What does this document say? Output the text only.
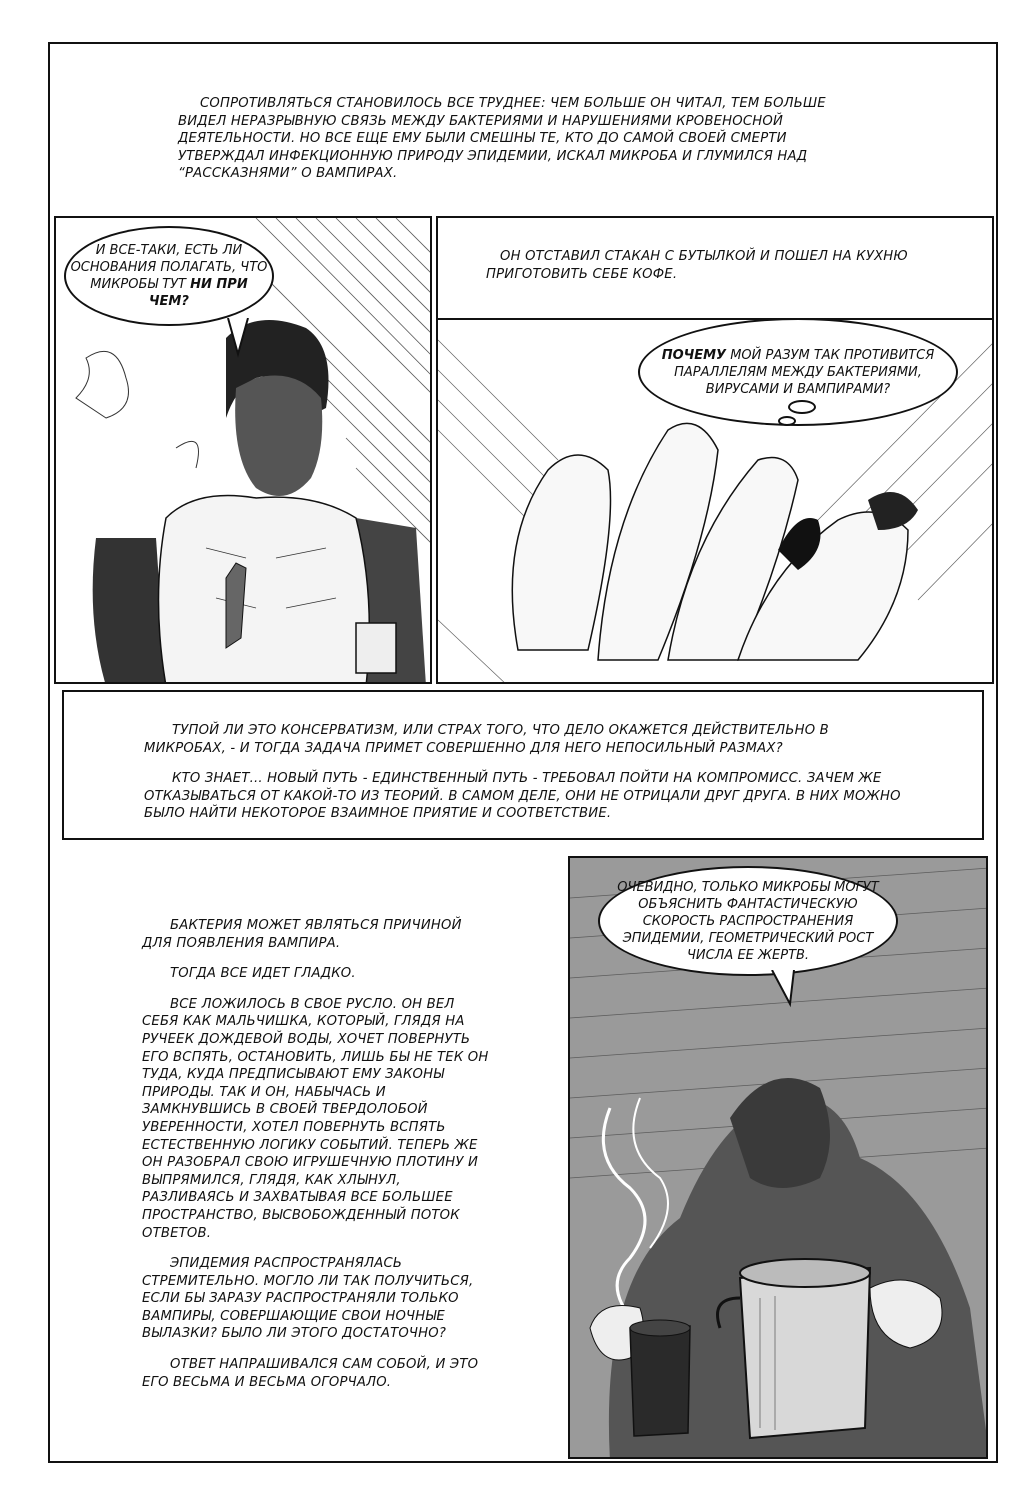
СОПРОТИВЛЯТЬСЯ СТАНОВИЛОСЬ ВСЕ ТРУДНЕЕ: ЧЕМ БОЛЬШЕ ОН ЧИТАЛ, ТЕМ БОЛЬШЕ ВИДЕЛ НЕРАЗРЫВНУЮ СВЯЗЬ МЕЖДУ БАКТЕРИЯМИ И НАРУШЕНИЯМИ КРОВЕНОСНОЙ ДЕЯТЕЛЬНОСТИ. НО ВСЕ ЕЩЕ ЕМУ БЫЛИ СМЕШНЫ ТЕ, КТО ДО САМОЙ СВОЕЙ СМЕРТИ УТВЕРЖДАЛ ИНФЕКЦИОННУЮ ПРИРОДУ ЭПИДЕМИИ, ИСКАЛ МИКРОБА И ГЛУМИЛСЯ НАД “РАССКАЗНЯМИ” О ВАМПИРАХ.

И ВСЕ-ТАКИ, ЕСТЬ ЛИ
ОСНОВАНИЯ ПОЛАГАТЬ, ЧТО
МИКРОБЫ ТУТ НИ ПРИ
ЧЕМ?

ОН ОТСТАВИЛ СТАКАН С БУТЫЛКОЙ И ПОШЕЛ НА КУХНЮ ПРИГОТОВИТЬ СЕБЕ КОФЕ.

ПОЧЕМУ МОЙ РАЗУМ ТАК ПРОТИВИТСЯ ПАРАЛЛЕЛЯМ МЕЖДУ БАКТЕРИЯМИ, ВИРУСАМИ И ВАМПИРАМИ?

ТУПОЙ ЛИ ЭТО КОНСЕРВАТИЗМ, ИЛИ СТРАХ ТОГО, ЧТО ДЕЛО ОКАЖЕТСЯ ДЕЙСТВИТЕЛЬНО В МИКРОБАХ, - И ТОГДА ЗАДАЧА ПРИМЕТ СОВЕРШЕННО ДЛЯ НЕГО НЕПОСИЛЬНЫЙ РАЗМАХ?

КТО ЗНАЕТ... НОВЫЙ ПУТЬ - ЕДИНСТВЕННЫЙ ПУТЬ - ТРЕБОВАЛ ПОЙТИ НА КОМПРОМИСС. ЗАЧЕМ ЖЕ ОТКАЗЫВАТЬСЯ ОТ КАКОЙ-ТО ИЗ ТЕОРИЙ. В САМОМ ДЕЛЕ, ОНИ НЕ ОТРИЦАЛИ ДРУГ ДРУГА. В НИХ МОЖНО БЫЛО НАЙТИ НЕКОТОРОЕ ВЗАИМНОЕ ПРИЯТИЕ И СООТВЕТСТВИЕ.

БАКТЕРИЯ МОЖЕТ ЯВЛЯТЬСЯ ПРИЧИНОЙ ДЛЯ ПОЯВЛЕНИЯ ВАМПИРА.

ТОГДА ВСЕ ИДЕТ ГЛАДКО.

ВСЕ ЛОЖИЛОСЬ В СВОЕ РУСЛО. ОН ВЕЛ СЕБЯ КАК МАЛЬЧИШКА, КОТОРЫЙ, ГЛЯДЯ НА РУЧЕЕК ДОЖДЕВОЙ ВОДЫ, ХОЧЕТ ПОВЕРНУТЬ ЕГО ВСПЯТЬ, ОСТАНОВИТЬ, ЛИШЬ БЫ НЕ ТЕК ОН ТУДА, КУДА ПРЕДПИСЫВАЮТ ЕМУ ЗАКОНЫ ПРИРОДЫ. ТАК И ОН, НАБЫЧАСЬ И ЗАМКНУВШИСЬ В СВОЕЙ ТВЕРДОЛОБОЙ УВЕРЕННОСТИ, ХОТЕЛ ПОВЕРНУТЬ ВСПЯТЬ ЕСТЕСТВЕННУЮ ЛОГИКУ СОБЫТИЙ. ТЕПЕРЬ ЖЕ ОН РАЗОБРАЛ СВОЮ ИГРУШЕЧНУЮ ПЛОТИНУ И ВЫПРЯМИЛСЯ, ГЛЯДЯ, КАК ХЛЫНУЛ, РАЗЛИВАЯСЬ И ЗАХВАТЫВАЯ ВСЕ БОЛЬШЕЕ ПРОСТРАНСТВО, ВЫСВОБОЖДЕННЫЙ ПОТОК ОТВЕТОВ.

ЭПИДЕМИЯ РАСПРОСТРАНЯЛАСЬ СТРЕМИТЕЛЬНО. МОГЛО ЛИ ТАК ПОЛУЧИТЬСЯ, ЕСЛИ БЫ ЗАРАЗУ РАСПРОСТРАНЯЛИ ТОЛЬКО ВАМПИРЫ, СОВЕРШАЮЩИЕ СВОИ НОЧНЫЕ ВЫЛАЗКИ? БЫЛО ЛИ ЭТОГО ДОСТАТОЧНО?

ОТВЕТ НАПРАШИВАЛСЯ САМ СОБОЙ, И ЭТО ЕГО ВЕСЬМА И ВЕСЬМА ОГОРЧАЛО.

ОЧЕВИДНО, ТОЛЬКО МИКРОБЫ МОГУТ ОБЪЯСНИТЬ ФАНТАСТИЧЕСКУЮ СКОРОСТЬ РАСПРОСТРАНЕНИЯ ЭПИДЕМИИ, ГЕОМЕТРИЧЕСКИЙ РОСТ ЧИСЛА ЕЕ ЖЕРТВ.
